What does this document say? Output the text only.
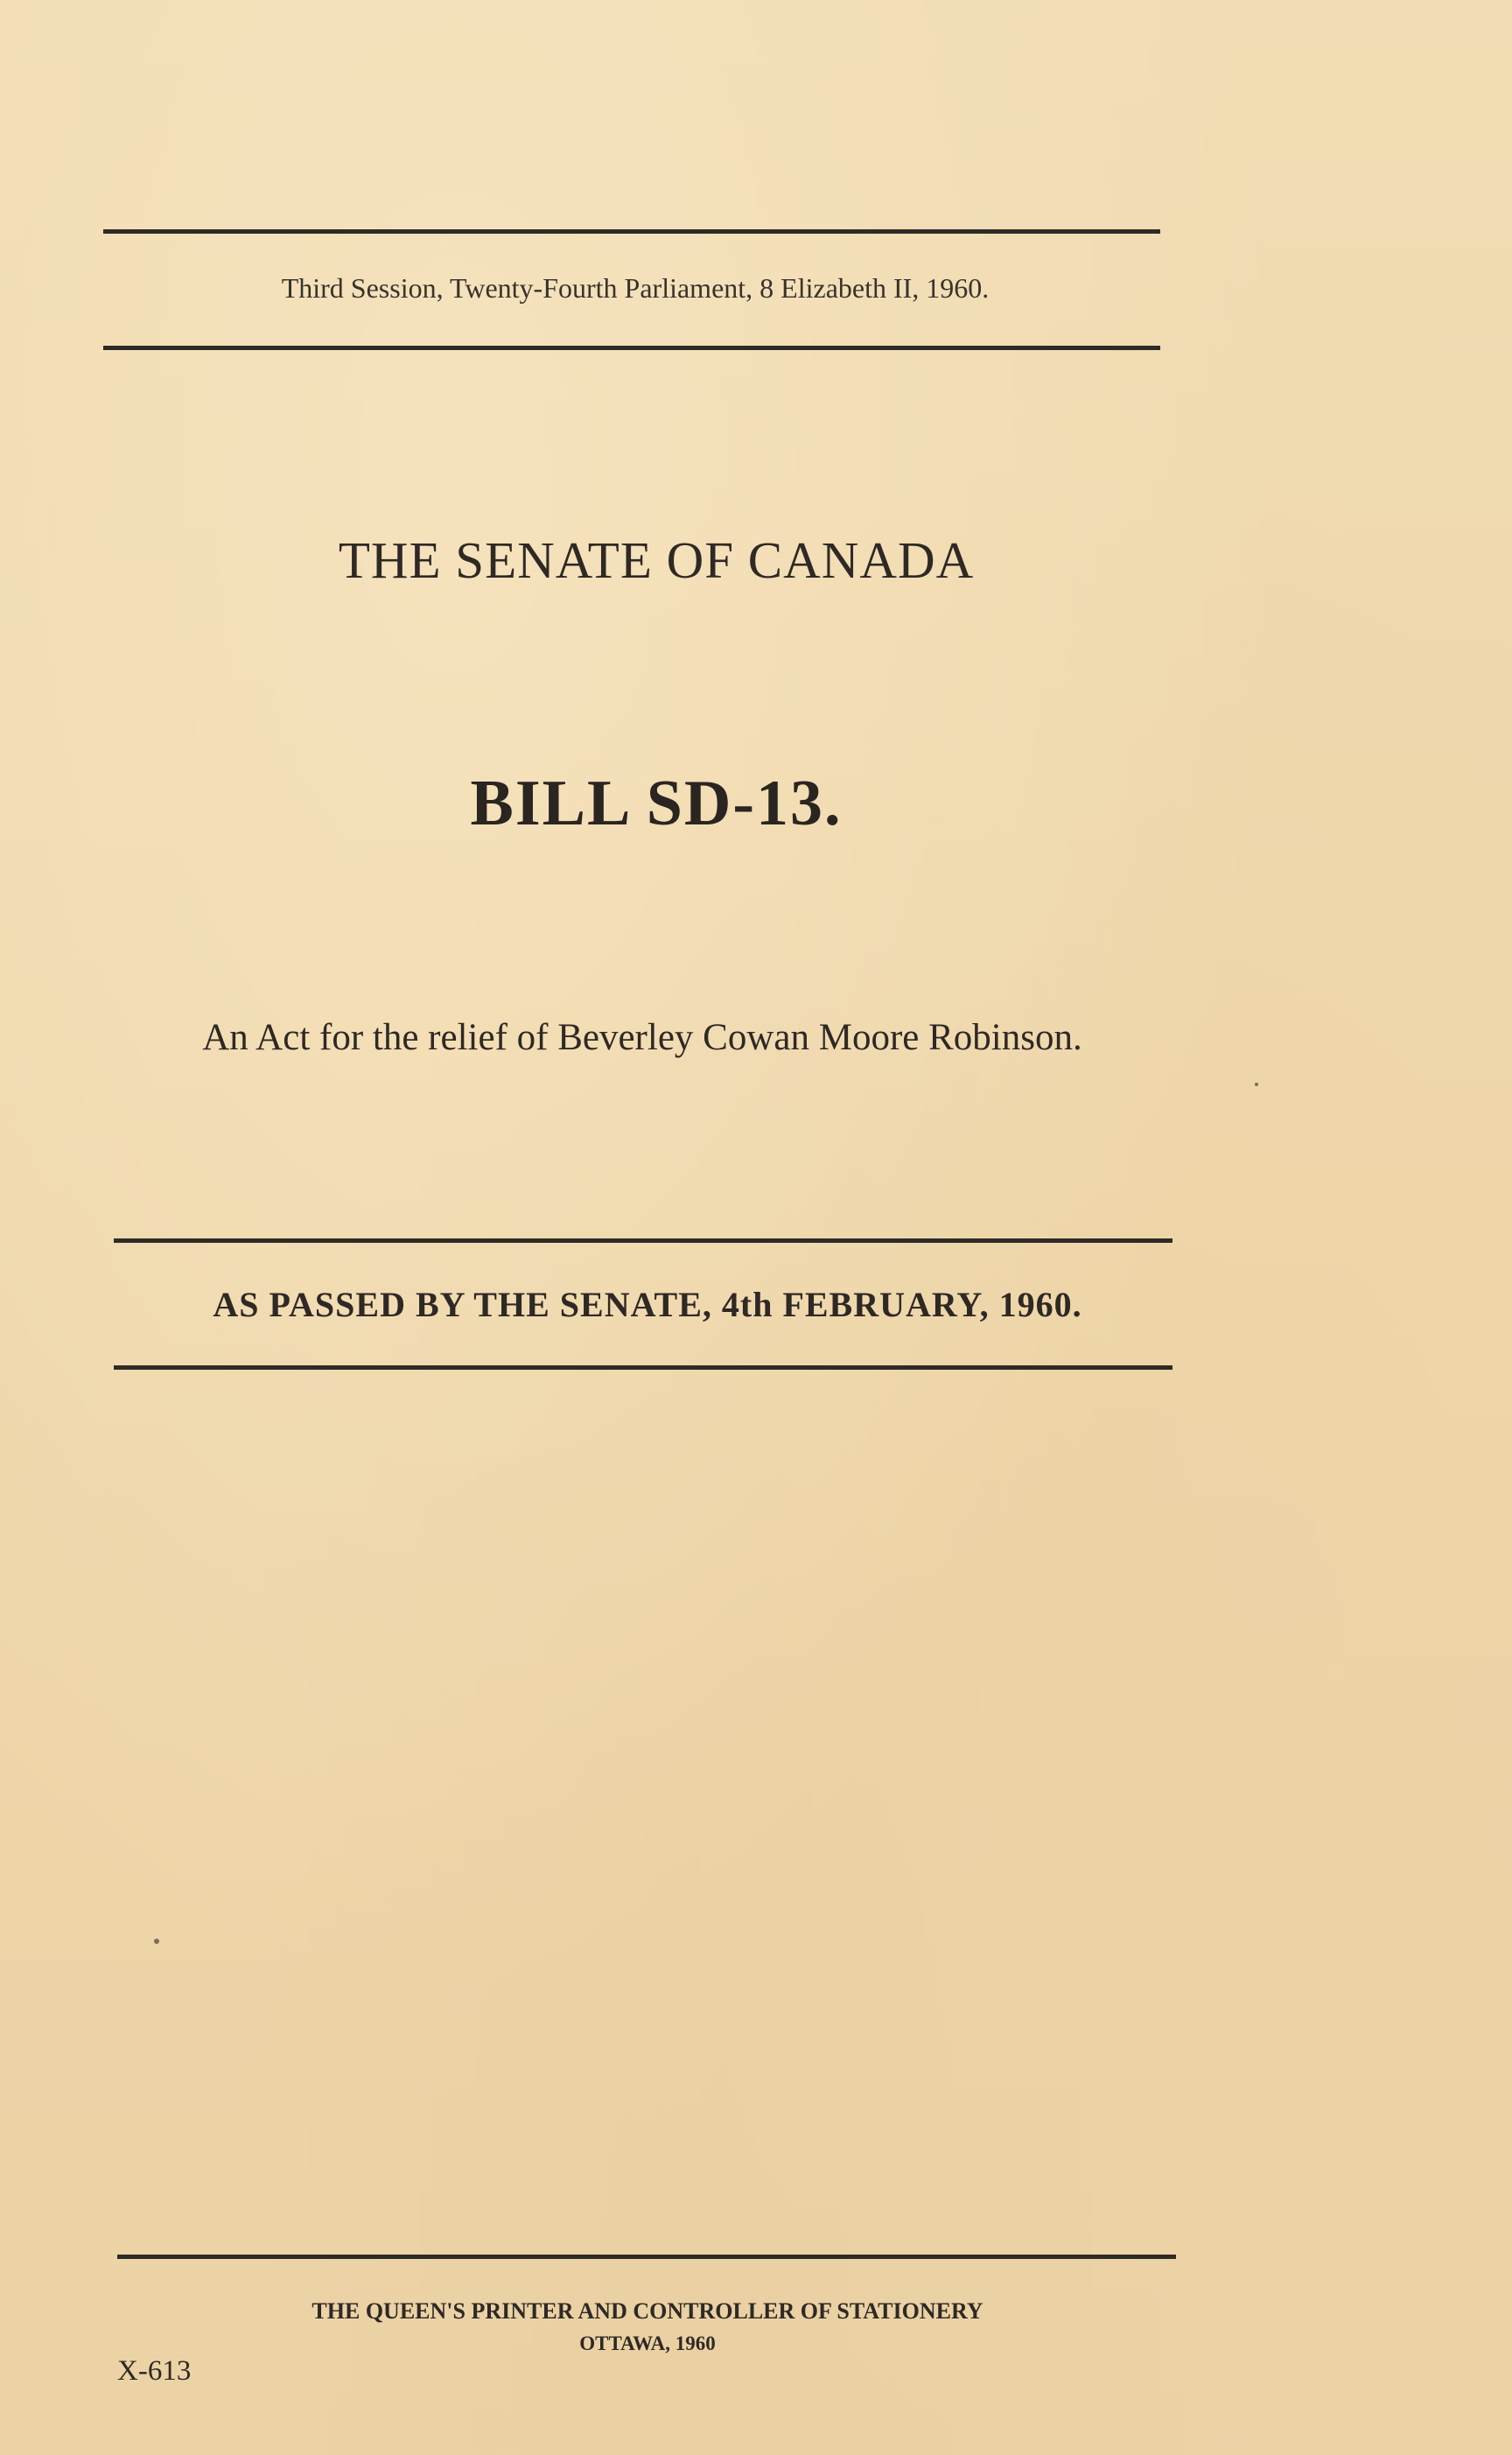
Third Session, Twenty-Fourth Parliament, 8 Elizabeth II, 1960.
THE SENATE OF CANADA
BILL SD-13.
An Act for the relief of Beverley Cowan Moore Robinson.
AS PASSED BY THE SENATE, 4th FEBRUARY, 1960.
THE QUEEN'S PRINTER AND CONTROLLER OF STATIONERY
OTTAWA, 1960
X-613
